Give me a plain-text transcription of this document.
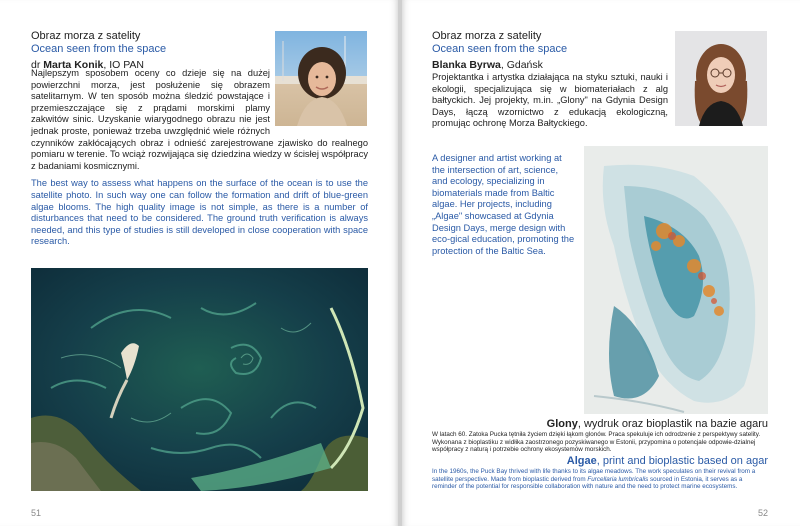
Obraz morza z satelity
Ocean seen from the space
dr Marta Konik, IO PAN
Najlepszym sposobem oceny co dzieje się na dużej powierzchni morza, jest posłużenie się obrazem satelitarnym. W ten sposób można śledzić powstające i przemieszczające się z prądami morskimi plamy zakwitów sinic. Uzyskanie wiarygodnego obrazu nie jest jednak proste, ponieważ trzeba uwzględnić wiele różnych czynników zakłócających obraz i odnieść zarejestrowane zjawisko do realnego pomiaru w terenie. To wciąż rozwijająca się dziedzina wiedzy w ścisłej współpracy z badaniami kosmicznymi.
The best way to assess what happens on the surface of the ocean is to use the satellite photo. In such way one can follow the formation and drift of blue-green algae blooms. The high quality image is not simple, as there is a number of disturbances that need to be considered. The ground truth verification is always needed, and this type of studies is still developed in close cooperation with space research.
51
Obraz morza z satelity
Ocean seen from the space
Blanka Byrwa, Gdańsk
Projektantka i artystka działająca na styku sztuki, nauki i ekologii, specjalizująca się w biomateriałach z alg bałtyckich. Jej projekty, m.in. „Glony" na Gdynia Design Days, łączą wzornictwo z edukacją ekologiczną, promując ochronę Morza Bałtyckiego.
A designer and artist working at the intersection of art, science, and ecology, specializing in biomaterials made from Baltic algae. Her projects, including „Algae" showcased at Gdynia Design Days, merge design with eco-gical education, promoting the protection of the Baltic Sea.
Glony, wydruk oraz bioplastik na bazie agaru
W latach 60. Zatoka Pucka tętniła życiem dzięki łąkom glonów. Praca spekuluje ich odrodzenie z perspektywy satelity. Wykonana z bioplastiku z widłika zaostrzonego pozyskiwanego w Estonii, przypomina o potencjale odpowie-dzialnej współpracy z naturą i potrzebie ochrony ekosystemów morskich.
Algae, print and bioplastic based on agar
In the 1960s, the Puck Bay thrived with life thanks to its algae meadows. The work speculates on their revival from a satellite perspective. Made from bioplastic derived from Furcellaria lumbricalis sourced in Estonia, it serves as a reminder of the potential for responsible collaboration with nature and the need to protect marine ecosystems.
52
